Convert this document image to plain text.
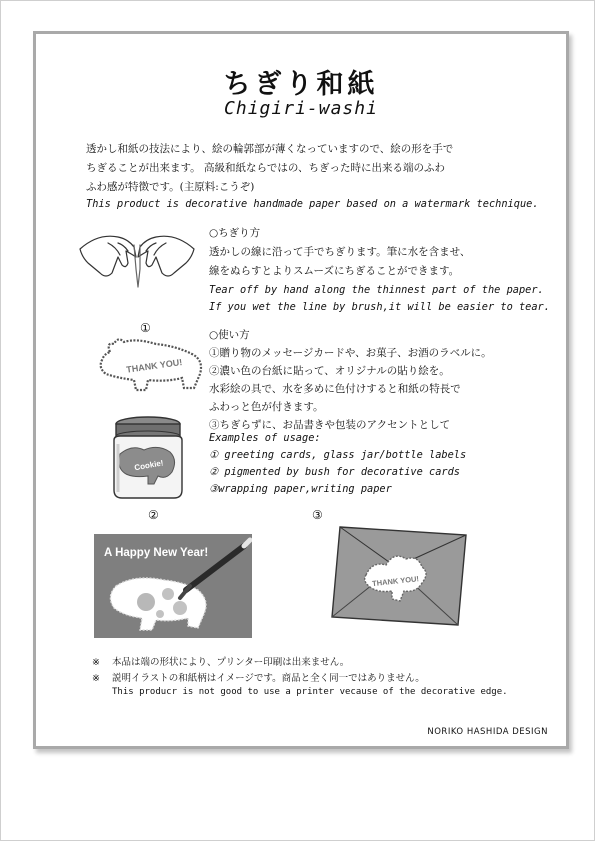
ちぎり和紙
Chigiri-washi
透かし和紙の技法により、絵の輪郭部が薄くなっていますので、絵の形を手で
ちぎることが出来ます。 高級和紙ならではの、ちぎった時に出来る端のふわ
ふわ感が特徴です。(主原料:こうぞ)
This product is decorative handmade paper based on a watermark technique.
○ちぎり方
透かしの線に沿って手でちぎります。筆に水を含ませ、
線をぬらすとよりスムーズにちぎることができます。
Tear off by hand along the thinnest part of the paper.
If you wet the line by brush,it will be easier to tear.
①
THANK YOU!
○使い方
①贈り物のメッセージカードや、お菓子、お酒のラベルに。
②濃い色の台紙に貼って、オリジナルの貼り絵を。
水彩絵の具で、水を多めに色付けすると和紙の特長で
ふわっと色が付きます。
③ちぎらずに、お品書きや包装のアクセントとして
Examples of usage:
① greeting cards, glass jar/bottle labels
② pigmented by bush for decorative cards
③wrapping paper,writing paper
Cookie!
②	③
A Happy New Year!
THANK YOU!
※ 本品は端の形状により、プリンター印刷は出来ません。
※ 説明イラストの和紙柄はイメージです。商品と全く同一ではありません。
This producr is not good to use a printer vecause of the decorative edge.
NORIKO HASHIDA DESIGN
